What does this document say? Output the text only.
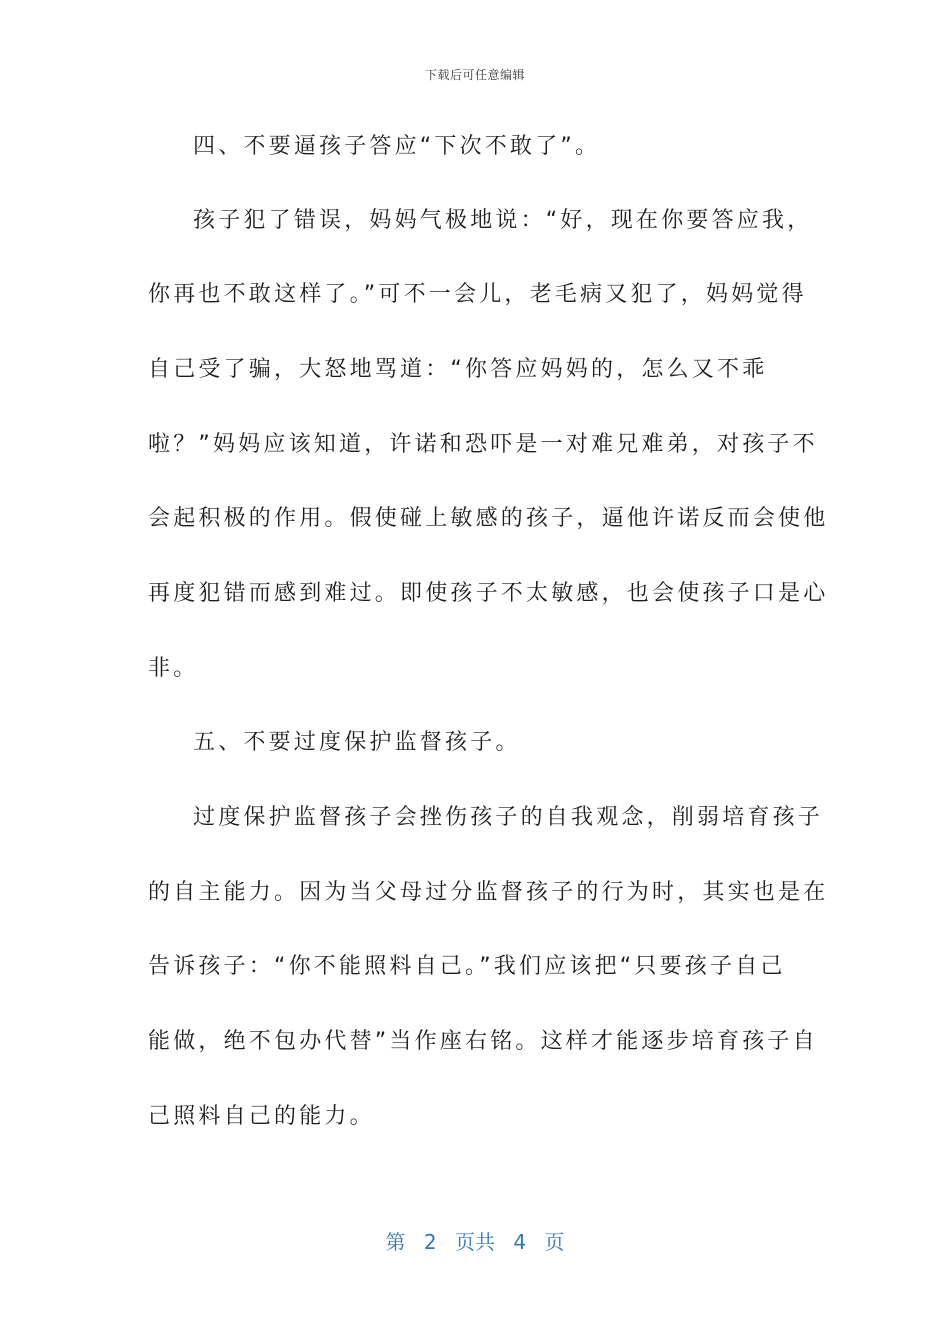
下载后可任意编辑
四、不要逼孩子答应“下次不敢了”。
孩子犯了错误，妈妈气极地说：“好，现在你要答应我，
你再也不敢这样了。”可不一会儿，老毛病又犯了，妈妈觉得
自己受了骗，大怒地骂道：“你答应妈妈的，怎么又不乖
啦？”妈妈应该知道，许诺和恐吓是一对难兄难弟，对孩子不
会起积极的作用。假使碰上敏感的孩子，逼他许诺反而会使他
再度犯错而感到难过。即使孩子不太敏感，也会使孩子口是心
非。
五、不要过度保护监督孩子。
过度保护监督孩子会挫伤孩子的自我观念，削弱培育孩子
的自主能力。因为当父母过分监督孩子的行为时，其实也是在
告诉孩子：“你不能照料自己。”我们应该把“只要孩子自己
能做，绝不包办代替”当作座右铭。这样才能逐步培育孩子自
己照料自己的能力。
第 2 页共 4 页
